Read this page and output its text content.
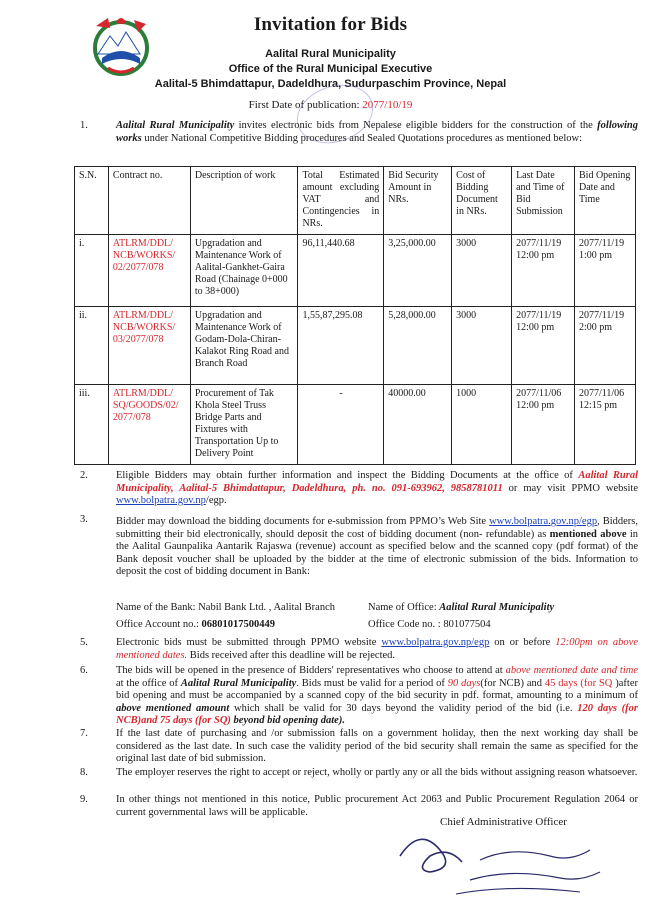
Invitation for Bids
Aalital Rural Municipality
Office of the Rural Municipal Executive
Aalital-5 Bhimdattapur, Dadeldhura, Sudurpaschim Province, Nepal
First Date of publication: 2077/10/19
1.	Aalital Rural Municipality invites electronic bids from Nepalese eligible bidders for the construction of the following works under National Competitive Bidding procedures and Sealed Quotations procedures as mentioned below:
S.N.	Contract no.	Description of work	Total Estimated amount excluding VAT and Contingencies in NRs.	Bid Security Amount in NRs.	Cost of Bidding Document in NRs.	Last Date and Time of Bid Submission	Bid Opening Date and Time
i.	ATLRM/DDL/ NCB/WORKS/ 02/2077/078	Upgradation and Maintenance Work of Aalital-Gankhet-Gaira Road (Chainage 0+000 to 38+000)	96,11,440.68	3,25,000.00	3000	2077/11/19 12:00 pm	2077/11/19 1:00 pm
ii.	ATLRM/DDL/ NCB/WORKS/ 03/2077/078	Upgradation and Maintenance Work of Godam-Dola-Chiran-Kalakot Ring Road and Branch Road	1,55,87,295.08	5,28,000.00	3000	2077/11/19 12:00 pm	2077/11/19 2:00 pm
iii.	ATLRM/DDL/ SQ/GOODS/02/ 2077/078	Procurement of Tak Khola Steel Truss Bridge Parts and Fixtures with Transportation Up to Delivery Point	-	40000.00	1000	2077/11/06 12:00 pm	2077/11/06 12:15 pm
2.	Eligible Bidders may obtain further information and inspect the Bidding Documents at the office of Aalital Rural Municipality, Aalital-5 Bhimdattapur, Dadeldhura, ph. no. 091-693962, 9858781011 or may visit PPMO website www.bolpatra.gov.np/egp.
3.	Bidder may download the bidding documents for e-submission from PPMO’s Web Site www.bolpatra.gov.np/egp, Bidders, submitting their bid electronically, should deposit the cost of bidding document (non- refundable) as mentioned above in the Aalital Gaunpalika Aantarik Rajaswa (revenue) account as specified below and the scanned copy (pdf format) of the Bank deposit voucher shall be uploaded by the bidder at the time of electronic submission of the bids. Information to deposit the cost of bidding document in Bank:
Name of the Bank: Nabil Bank Ltd. , Aalital Branch	Name of Office: Aalital Rural Municipality
Office Account no.: 06801017500449	Office Code no. : 801077504
5.	Electronic bids must be submitted through PPMO website www.bolpatra.gov.np/egp on or before 12:00pm on above mentioned dates. Bids received after this deadline will be rejected.
6.	The bids will be opened in the presence of Bidders' representatives who choose to attend at above mentioned date and time at the office of Aalital Rural Municipality. Bids must be valid for a period of 90 days(for NCB) and 45 days (for SQ )after bid opening and must be accompanied by a scanned copy of the bid security in pdf. format, amounting to a minimum of above mentioned amount which shall be valid for 30 days beyond the validity period of the bid (i.e. 120 days (for NCB)and 75 days (for SQ) beyond bid opening date).
7.	If the last date of purchasing and /or submission falls on a government holiday, then the next working day shall be considered as the last date. In such case the validity period of the bid security shall remain the same as specified for the original last date of bid submission.
8.	The employer reserves the right to accept or reject, wholly or partly any or all the bids without assigning reason whatsoever.
9.	In other things not mentioned in this notice, Public procurement Act 2063 and Public Procurement Regulation 2064 or current governmental laws will be applicable.
Chief Administrative Officer
